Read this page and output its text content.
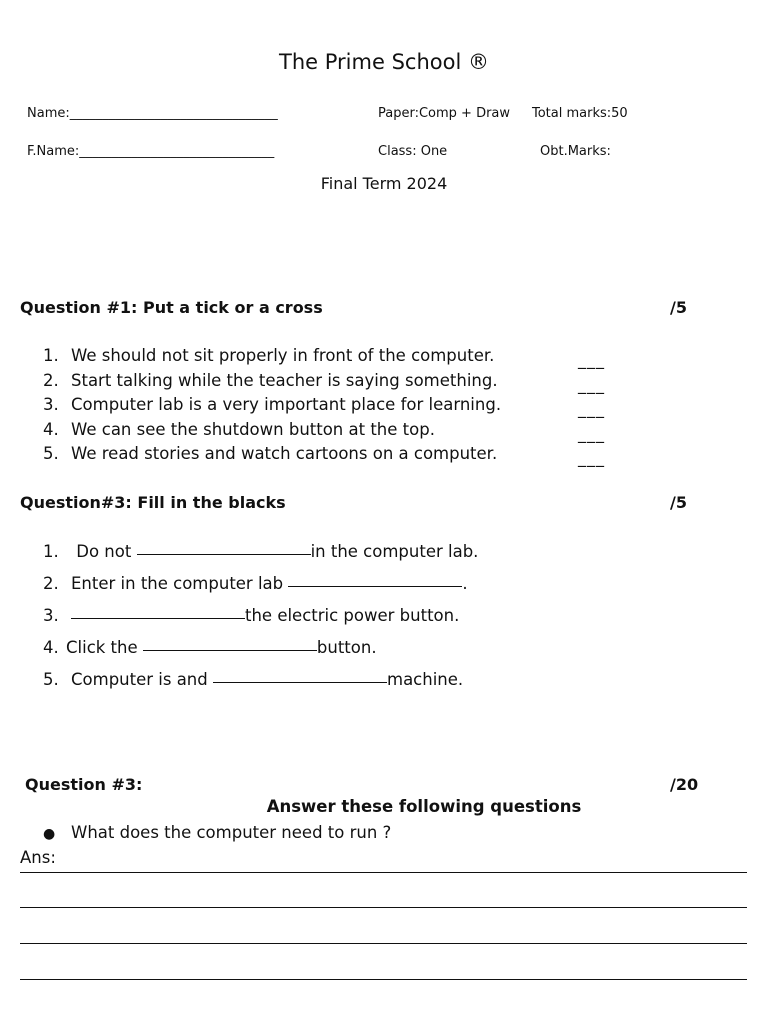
The Prime School ®
Name:________________________________	Paper:Comp + Draw Total marks:50
F.Name:______________________________	Class: One	Obt.Marks:
Final Term 2024
Question #1: Put a tick or a cross	/5
1. We should not sit properly in front of the computer.	___
2. Start talking while the teacher is saying something.	___
3. Computer lab is a very important place for learning.	___
4. We can see the shutdown button at the top.	___
5. We read stories and watch cartoons on a computer.	___
Question#3: Fill in the blacks	/5
1. Do not	in the computer lab.
2. Enter in the computer lab	.
3.	the electric power button.
4. Click the	button.
5. Computer is and	machine.
Question #3:	/20
Answer these following questions
● What does the computer need to run ?
Ans:
